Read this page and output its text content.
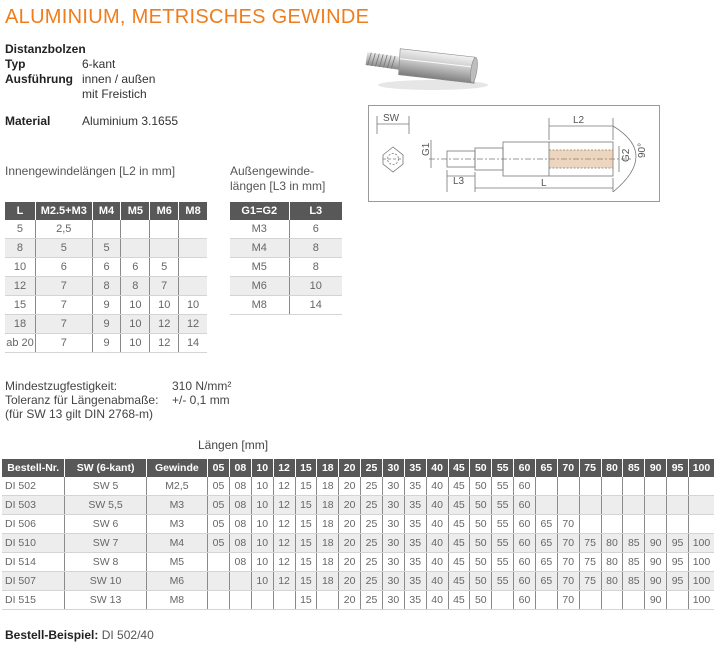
ALUMINIUM, METRISCHES GEWINDE
Distanzbolzen
Typ	6-kant
Ausführung innen / außen
mit Freistich
Material	Aluminium 3.1655	SW	L2
G1	G2
L3	L
90°
Innengewindelängen [L2 in mm]
L	M2.5+M3	M4	M5	M6	M8
5	2,5				
8	5	5			
10	6	6	6	5	
12	7	8	8	7	
15	7	9	10	10	10
18	7	9	10	12	12
ab 20	7	9	10	12	14
Außengewinde-
längen [L3 in mm]
G1=G2	L3
M3	6
M4	8
M5	8
M6	10
M8	14
Mindestzugfestigkeit:	310 N/mm²
Toleranz für Längenabmaße: +/- 0,1 mm
(für SW 13 gilt DIN 2768-m)
Längen [mm]
Bestell-Nr.	SW (6-kant)	Gewinde	05	08	10	12	15	18	20	25	30	35	40	45	50	55	60	65	70	75	80	85	90	95	100
DI 502	SW 5	M2,5	05	08	10	12	15	18	20	25	30	35	40	45	50	55	60								
DI 503	SW 5,5	M3	05	08	10	12	15	18	20	25	30	35	40	45	50	55	60								
DI 506	SW 6	M3	05	08	10	12	15	18	20	25	30	35	40	45	50	55	60	65	70						
DI 510	SW 7	M4	05	08	10	12	15	18	20	25	30	35	40	45	50	55	60	65	70	75	80	85	90	95	100
DI 514	SW 8	M5		08	10	12	15	18	20	25	30	35	40	45	50	55	60	65	70	75	80	85	90	95	100
DI 507	SW 10	M6			10	12	15	18	20	25	30	35	40	45	50	55	60	65	70	75	80	85	90	95	100
DI 515	SW 13	M8					15		20	25	30	35	40	45	50		60		70				90		100
Bestell-Beispiel: DI 502/40
